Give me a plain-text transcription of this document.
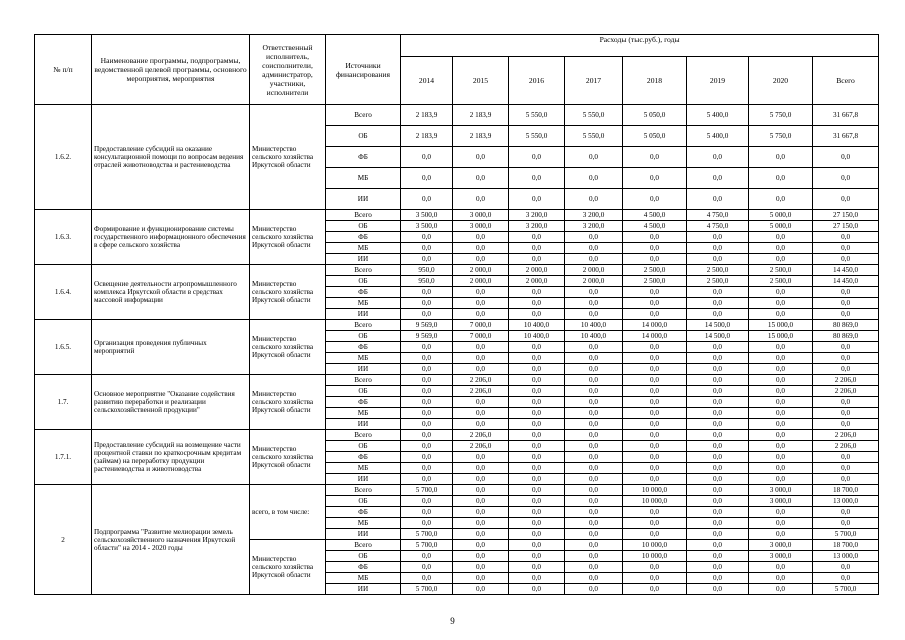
№ п/п	Наименование программы, подпрограммы, ведомственной целевой программы, основного мероприятия, мероприятия	Ответственный исполнитель, соисполнители, администратор, участники, исполнители	Источники финансирования	Расходы (тыс.руб.), годы							
				2014	2015	2016	2017	2018	2019	2020	Всего
1.6.2.	Предоставление субсидий на оказание консультационной помощи по вопросам ведения отраслей животноводства и растениеводства	Министерство сельского хозяйства Иркутской области	Всего	2 183,9	2 183,9	5 550,0	5 550,0	5 050,0	5 400,0	5 750,0	31 667,8
			ОБ	2 183,9	2 183,9	5 550,0	5 550,0	5 050,0	5 400,0	5 750,0	31 667,8
			ФБ	0,0	0,0	0,0	0,0	0,0	0,0	0,0	0,0
			МБ	0,0	0,0	0,0	0,0	0,0	0,0	0,0	0,0
			ИИ	0,0	0,0	0,0	0,0	0,0	0,0	0,0	0,0
1.6.3.	Формирование и функционирование системы государственного информационного обеспечения в сфере сельского хозяйства	Министерство сельского хозяйства Иркутской области	Всего	3 500,0	3 000,0	3 200,0	3 200,0	4 500,0	4 750,0	5 000,0	27 150,0
			ОБ	3 500,0	3 000,0	3 200,0	3 200,0	4 500,0	4 750,0	5 000,0	27 150,0
			ФБ	0,0	0,0	0,0	0,0	0,0	0,0	0,0	0,0
			МБ	0,0	0,0	0,0	0,0	0,0	0,0	0,0	0,0
			ИИ	0,0	0,0	0,0	0,0	0,0	0,0	0,0	0,0
1.6.4.	Освещение деятельности агропромышленного комплекса Иркутской области в средствах массовой информации	Министерство сельского хозяйства Иркутской области	Всего	950,0	2 000,0	2 000,0	2 000,0	2 500,0	2 500,0	2 500,0	14 450,0
			ОБ	950,0	2 000,0	2 000,0	2 000,0	2 500,0	2 500,0	2 500,0	14 450,0
			ФБ	0,0	0,0	0,0	0,0	0,0	0,0	0,0	0,0
			МБ	0,0	0,0	0,0	0,0	0,0	0,0	0,0	0,0
			ИИ	0,0	0,0	0,0	0,0	0,0	0,0	0,0	0,0
1.6.5.	Организация проведения публичных мероприятий	Министерство сельского хозяйства Иркутской области	Всего	9 569,0	7 000,0	10 400,0	10 400,0	14 000,0	14 500,0	15 000,0	80 869,0
			ОБ	9 569,0	7 000,0	10 400,0	10 400,0	14 000,0	14 500,0	15 000,0	80 869,0
			ФБ	0,0	0,0	0,0	0,0	0,0	0,0	0,0	0,0
			МБ	0,0	0,0	0,0	0,0	0,0	0,0	0,0	0,0
			ИИ	0,0	0,0	0,0	0,0	0,0	0,0	0,0	0,0
1.7.	Основное мероприятие "Оказание содействия развитию переработки и реализации сельскохозяйственной продукции"	Министерство сельского хозяйства Иркутской области	Всего	0,0	2 206,0	0,0	0,0	0,0	0,0	0,0	2 206,0
			ОБ	0,0	2 206,0	0,0	0,0	0,0	0,0	0,0	2 206,0
			ФБ	0,0	0,0	0,0	0,0	0,0	0,0	0,0	0,0
			МБ	0,0	0,0	0,0	0,0	0,0	0,0	0,0	0,0
			ИИ	0,0	0,0	0,0	0,0	0,0	0,0	0,0	0,0
1.7.1.	Предоставление субсидий на возмещение части процентной ставки по краткосрочным кредитам (займам) на переработку продукции растениеводства и животноводства	Министерство сельского хозяйства Иркутской области	Всего	0,0	2 206,0	0,0	0,0	0,0	0,0	0,0	2 206,0
			ОБ	0,0	2 206,0	0,0	0,0	0,0	0,0	0,0	2 206,0
			ФБ	0,0	0,0	0,0	0,0	0,0	0,0	0,0	0,0
			МБ	0,0	0,0	0,0	0,0	0,0	0,0	0,0	0,0
			ИИ	0,0	0,0	0,0	0,0	0,0	0,0	0,0	0,0
2	Подпрограмма "Развитие мелиорации земель сельскохозяйственного назначения Иркутской области" на 2014 - 2020 годы	всего, в том числе:	Всего	5 700,0	0,0	0,0	0,0	10 000,0	0,0	3 000,0	18 700,0
			ОБ	0,0	0,0	0,0	0,0	10 000,0	0,0	3 000,0	13 000,0
			ФБ	0,0	0,0	0,0	0,0	0,0	0,0	0,0	0,0
			МБ	0,0	0,0	0,0	0,0	0,0	0,0	0,0	0,0
			ИИ	5 700,0	0,0	0,0	0,0	0,0	0,0	0,0	5 700,0
		Министерство сельского хозяйства Иркутской области	Всего	5 700,0	0,0	0,0	0,0	10 000,0	0,0	3 000,0	18 700,0
			ОБ	0,0	0,0	0,0	0,0	10 000,0	0,0	3 000,0	13 000,0
			ФБ	0,0	0,0	0,0	0,0	0,0	0,0	0,0	0,0
			МБ	0,0	0,0	0,0	0,0	0,0	0,0	0,0	0,0
			ИИ	5 700,0	0,0	0,0	0,0	0,0	0,0	0,0	5 700,0
9
